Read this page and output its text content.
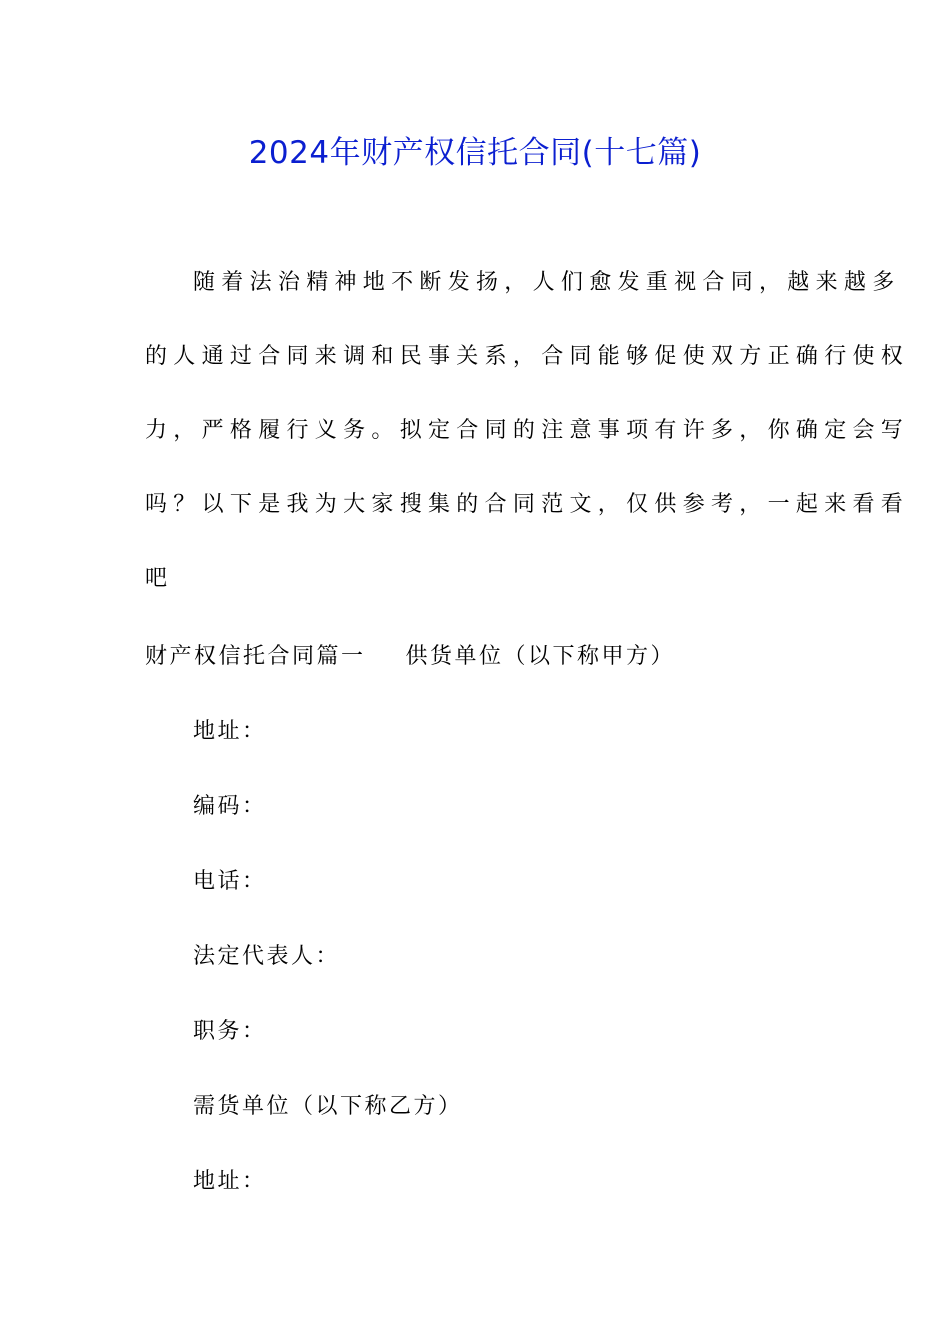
2024年财产权信托合同(十七篇)
随着法治精神地不断发扬，人们愈发重视合同，越来越多
的人通过合同来调和民事关系，合同能够促使双方正确行使权
力，严格履行义务。拟定合同的注意事项有许多，你确定会写
吗？以下是我为大家搜集的合同范文，仅供参考，一起来看看
吧
财产权信托合同篇一 供货单位（以下称甲方）
地址：
编码：
电话：
法定代表人：
职务：
需货单位（以下称乙方）
地址：
